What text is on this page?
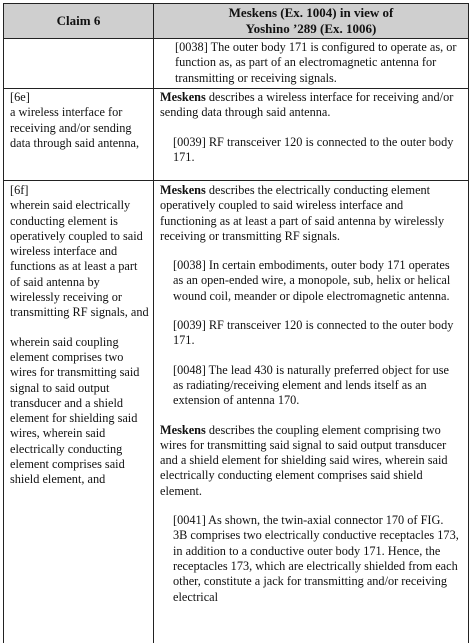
Claim 6
Meskens (Ex. 1004) in view of
Yoshino ’289 (Ex. 1006)
[0038] The outer body 171 is configured to operate as, or function as, as part of an electromagnetic antenna for transmitting or receiving signals.

[6e]

a wireless interface for receiving and/or sending data through said antenna,

Meskens describes a wireless interface for receiving and/or sending data through said antenna.

[0039] RF transceiver 120 is connected to the outer body 171.

[6f]

wherein said electrically conducting element is operatively coupled to said wireless interface and functions as at least a part of said antenna by wirelessly receiving or transmitting RF signals, and

wherein said coupling element comprises two wires for transmitting said signal to said output transducer and a shield element for shielding said wires, wherein said electrically conducting element comprises said shield element, and

Meskens describes the electrically conducting element operatively coupled to said wireless interface and functioning as at least a part of said antenna by wirelessly receiving or transmitting RF signals.

[0038] In certain embodiments, outer body 171 operates as an open-ended wire, a monopole, sub, helix or helical wound coil, meander or dipole electromagnetic antenna.

[0039] RF transceiver 120 is connected to the outer body 171.

[0048] The lead 430 is naturally preferred object for use as radiating/receiving element and lends itself as an extension of antenna 170.

Meskens describes the coupling element comprising two wires for transmitting said signal to said output transducer and a shield element for shielding said wires, wherein said electrically conducting element comprises said shield element.

[0041] As shown, the twin-axial connector 170 of FIG. 3B comprises two electrically conductive receptacles 173, in addition to a conductive outer body 171. Hence, the receptacles 173, which are electrically shielded from each other, constitute a jack for transmitting and/or receiving electrical
